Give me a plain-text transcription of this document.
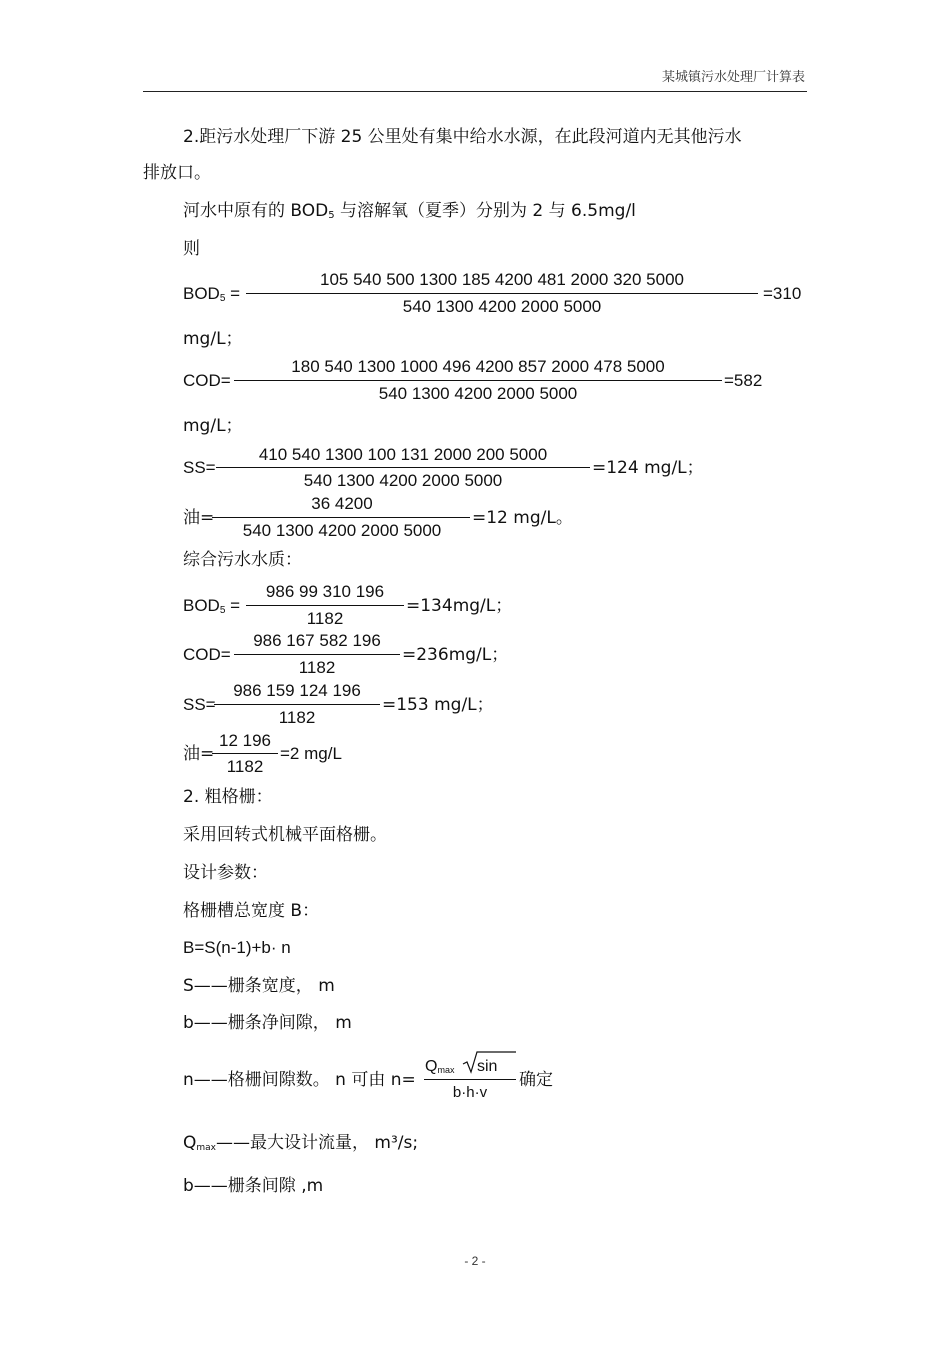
某城镇污水处理厂计算表
2.距污水处理厂下游 25 公里处有集中给水水源，在此段河道内无其他污水
排放口。
河水中原有的 $BOD_5$ 与溶解氧（夏季）分别为 2 与 6.5mg/l
则
$BOD_5$ =
105 540 500 1300 185 4200 481 2000 320 5000
540 1300 4200 2000 5000
=310
mg/L；
COD=
180 540 1300 1000 496 4200 857 2000 478 5000
540 1300 4200 2000 5000
=582
mg/L；
SS=
410 540 1300 100 131 2000 200 5000
540 1300 4200 2000 5000
=124 mg/L；
油=
36 4200
540 1300 4200 2000 5000
=12 mg/L。
综合污水水质：
$BOD_5$ =
986 99 310 196
1182
=134mg/L；
COD=
986 167 582 196
1182
=236mg/L；
SS=
986 159 124 196
1182
=153 mg/L；
油=
12 196
1182
=2 mg/L
2. 粗格栅：
采用回转式机械平面格栅。
设计参数：
格栅槽总宽度 B：
B=S(n-1)+b· n
S——栅条宽度， m
b——栅条净间隙， m
n——格栅间隙数。 n 可由 n=
$Q_{max}$ sin
b·h·v
确定
$Q_{max}——$最大设计流量， m³/s;
b——栅条间隙 ,m
- 2 -
